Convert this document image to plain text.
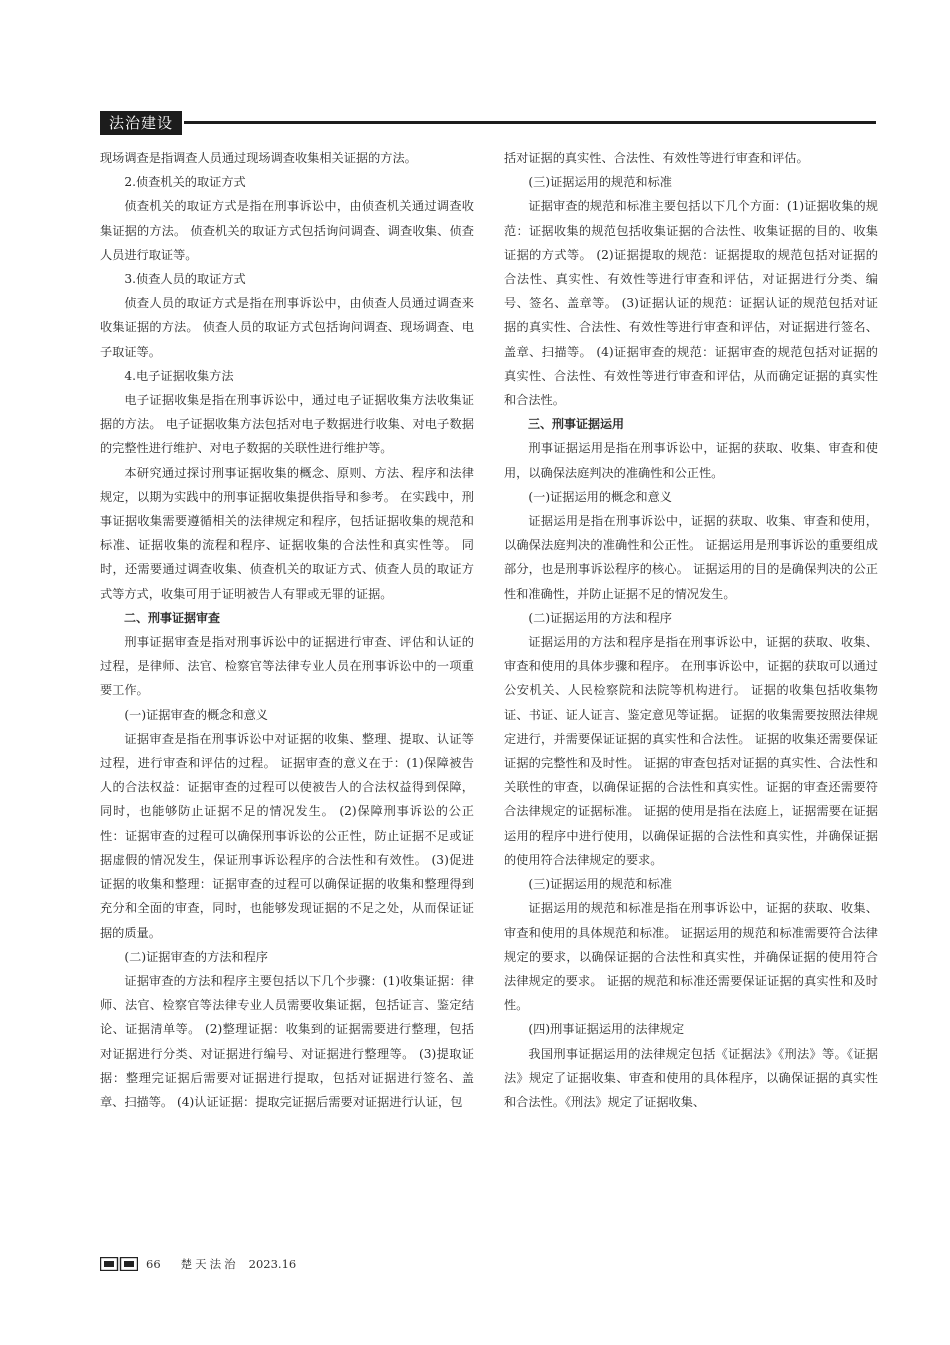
法治建设

现场调查是指调查人员通过现场调查收集相关证据的方法。

2.侦查机关的取证方式

侦查机关的取证方式是指在刑事诉讼中，由侦查机关通过调查收集证据的方法。 侦查机关的取证方式包括询问调查、调查收集、侦查人员进行取证等。

3.侦查人员的取证方式

侦查人员的取证方式是指在刑事诉讼中，由侦查人员通过调查来收集证据的方法。 侦查人员的取证方式包括询问调查、现场调查、电子取证等。

4.电子证据收集方法

电子证据收集是指在刑事诉讼中，通过电子证据收集方法收集证据的方法。 电子证据收集方法包括对电子数据进行收集、对电子数据的完整性进行维护、对电子数据的关联性进行维护等。

本研究通过探讨刑事证据收集的概念、原则、方法、程序和法律规定，以期为实践中的刑事证据收集提供指导和参考。 在实践中，刑事证据收集需要遵循相关的法律规定和程序，包括证据收集的规范和标准、证据收集的流程和程序、证据收集的合法性和真实性等。 同时，还需要通过调查收集、侦查机关的取证方式、侦查人员的取证方式等方式，收集可用于证明被告人有罪或无罪的证据。

二、刑事证据审查

刑事证据审查是指对刑事诉讼中的证据进行审查、评估和认证的过程，是律师、法官、检察官等法律专业人员在刑事诉讼中的一项重要工作。

(一)证据审查的概念和意义

证据审查是指在刑事诉讼中对证据的收集、整理、提取、认证等过程，进行审查和评估的过程。 证据审查的意义在于：(1)保障被告人的合法权益：证据审查的过程可以使被告人的合法权益得到保障，同时，也能够防止证据不足的情况发生。 (2)保障刑事诉讼的公正性：证据审查的过程可以确保刑事诉讼的公正性，防止证据不足或证据虚假的情况发生，保证刑事诉讼程序的合法性和有效性。 (3)促进证据的收集和整理：证据审查的过程可以确保证据的收集和整理得到充分和全面的审查，同时，也能够发现证据的不足之处，从而保证证据的质量。

(二)证据审查的方法和程序

证据审查的方法和程序主要包括以下几个步骤：(1)收集证据：律师、法官、检察官等法律专业人员需要收集证据，包括证言、鉴定结论、证据清单等。 (2)整理证据：收集到的证据需要进行整理，包括对证据进行分类、对证据进行编号、对证据进行整理等。 (3)提取证据：整理完证据后需要对证据进行提取，包括对证据进行签名、盖章、扫描等。 (4)认证证据：提取完证据后需要对证据进行认证，包

括对证据的真实性、合法性、有效性等进行审查和评估。

(三)证据运用的规范和标准

证据审查的规范和标准主要包括以下几个方面：(1)证据收集的规范：证据收集的规范包括收集证据的合法性、收集证据的目的、收集证据的方式等。 (2)证据提取的规范：证据提取的规范包括对证据的合法性、真实性、有效性等进行审查和评估，对证据进行分类、编号、签名、盖章等。 (3)证据认证的规范：证据认证的规范包括对证据的真实性、合法性、有效性等进行审查和评估，对证据进行签名、盖章、扫描等。 (4)证据审查的规范：证据审查的规范包括对证据的真实性、合法性、有效性等进行审查和评估，从而确定证据的真实性和合法性。

三、刑事证据运用

刑事证据运用是指在刑事诉讼中，证据的获取、收集、审查和使用，以确保法庭判决的准确性和公正性。

(一)证据运用的概念和意义

证据运用是指在刑事诉讼中，证据的获取、收集、审查和使用，以确保法庭判决的准确性和公正性。 证据运用是刑事诉讼的重要组成部分，也是刑事诉讼程序的核心。 证据运用的目的是确保判决的公正性和准确性，并防止证据不足的情况发生。

(二)证据运用的方法和程序

证据运用的方法和程序是指在刑事诉讼中，证据的获取、收集、审查和使用的具体步骤和程序。 在刑事诉讼中，证据的获取可以通过公安机关、人民检察院和法院等机构进行。 证据的收集包括收集物证、书证、证人证言、鉴定意见等证据。 证据的收集需要按照法律规定进行，并需要保证证据的真实性和合法性。 证据的收集还需要保证证据的完整性和及时性。 证据的审查包括对证据的真实性、合法性和关联性的审查，以确保证据的合法性和真实性。证据的审查还需要符合法律规定的证据标准。 证据的使用是指在法庭上，证据需要在证据运用的程序中进行使用，以确保证据的合法性和真实性，并确保证据的使用符合法律规定的要求。

(三)证据运用的规范和标准

证据运用的规范和标准是指在刑事诉讼中，证据的获取、收集、审查和使用的具体规范和标准。 证据运用的规范和标准需要符合法律规定的要求，以确保证据的合法性和真实性，并确保证据的使用符合法律规定的要求。 证据的规范和标准还需要保证证据的真实性和及时性。

(四)刑事证据运用的法律规定

我国刑事证据运用的法律规定包括《证据法》《刑法》等。《证据法》规定了证据收集、审查和使用的具体程序，以确保证据的真实性和合法性。《刑法》规定了证据收集、

66 楚天法治 2023.16
